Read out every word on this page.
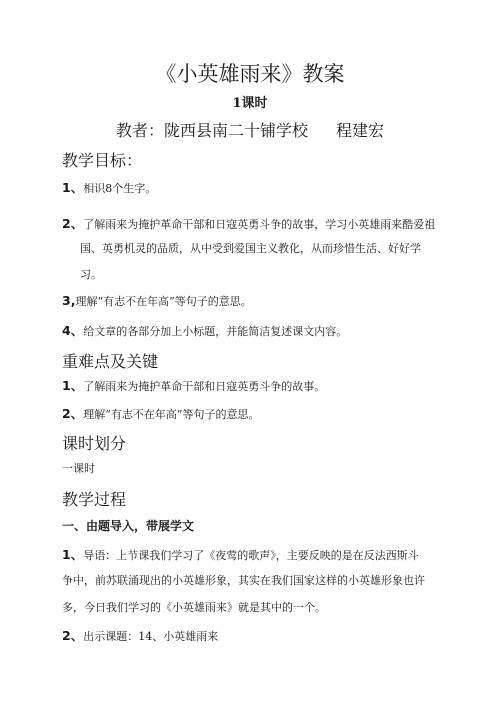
《小英雄雨来》教案
1课时
教者：陇西县南二十铺学校 程建宏
教学目标：
1、相识8个生字。
2、了解雨来为掩护革命干部和日寇英勇斗争的故事，学习小英雄雨来酷爱祖
国、英勇机灵的品质，从中受到爱国主义教化，从而珍惜生活、好好学
习。
3,理解“有志不在年高”等句子的意思。
4、给文章的各部分加上小标题，并能简洁复述课文内容。
重难点及关键
1、了解雨来为掩护革命干部和日寇英勇斗争的故事。
2、理解“有志不在年高”等句子的意思。
课时划分
一课时
教学过程
一、由题导入，带展学文
1、导语：上节课我们学习了《夜莺的歌声》，主要反映的是在反法西斯斗
争中，前苏联涌现出的小英雄形象，其实在我们国家这样的小英雄形象也许
多，今日我们学习的《小英雄雨来》就是其中的一个。
2、出示课题：14、小英雄雨来
